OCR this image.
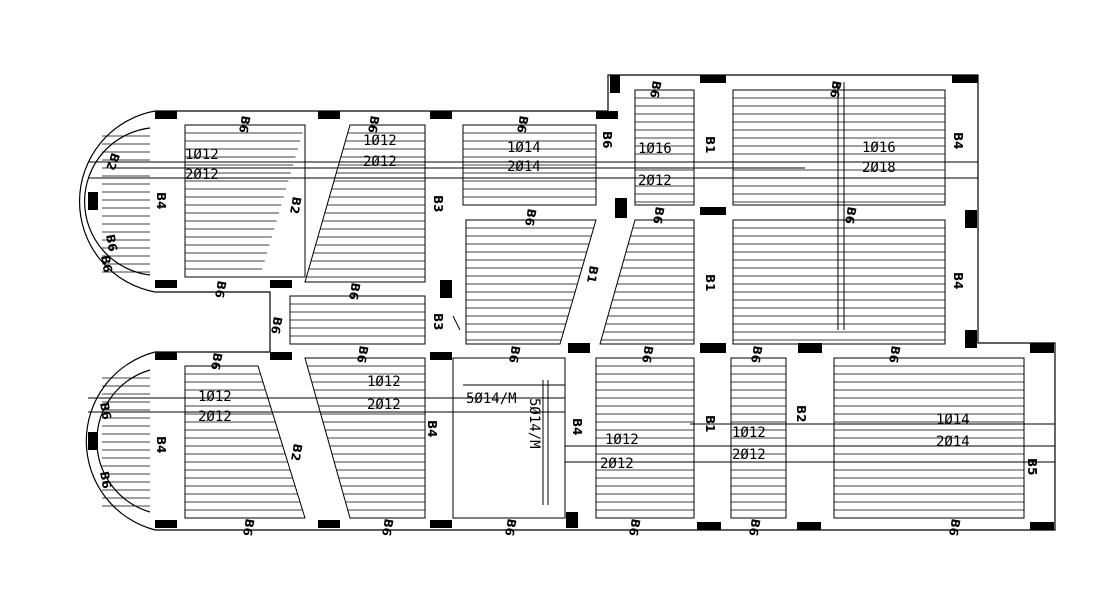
1Ø12
2Ø12
1Ø12
2Ø12
1Ø14
2Ø14
1Ø16
2Ø12
1Ø16
2Ø18
1Ø12
2Ø12
1Ø12
2Ø12	5Ø14/M 5Ø14/M	1Ø12
2Ø12
1Ø12
2Ø12
1Ø14
2Ø14
B2
B6
B6
B4
B6	B6
B2	B3
B6	B6
B6	B1	B4
B6	B6	B6
B1	B1	B4
B6	B6
B6	B3
B6	B6	B6	B6	B6	B6
B6
B6
B4	B2
B4	B4	B1
B2
B5
B6	B6	B6	B6	B6	B6
B6
